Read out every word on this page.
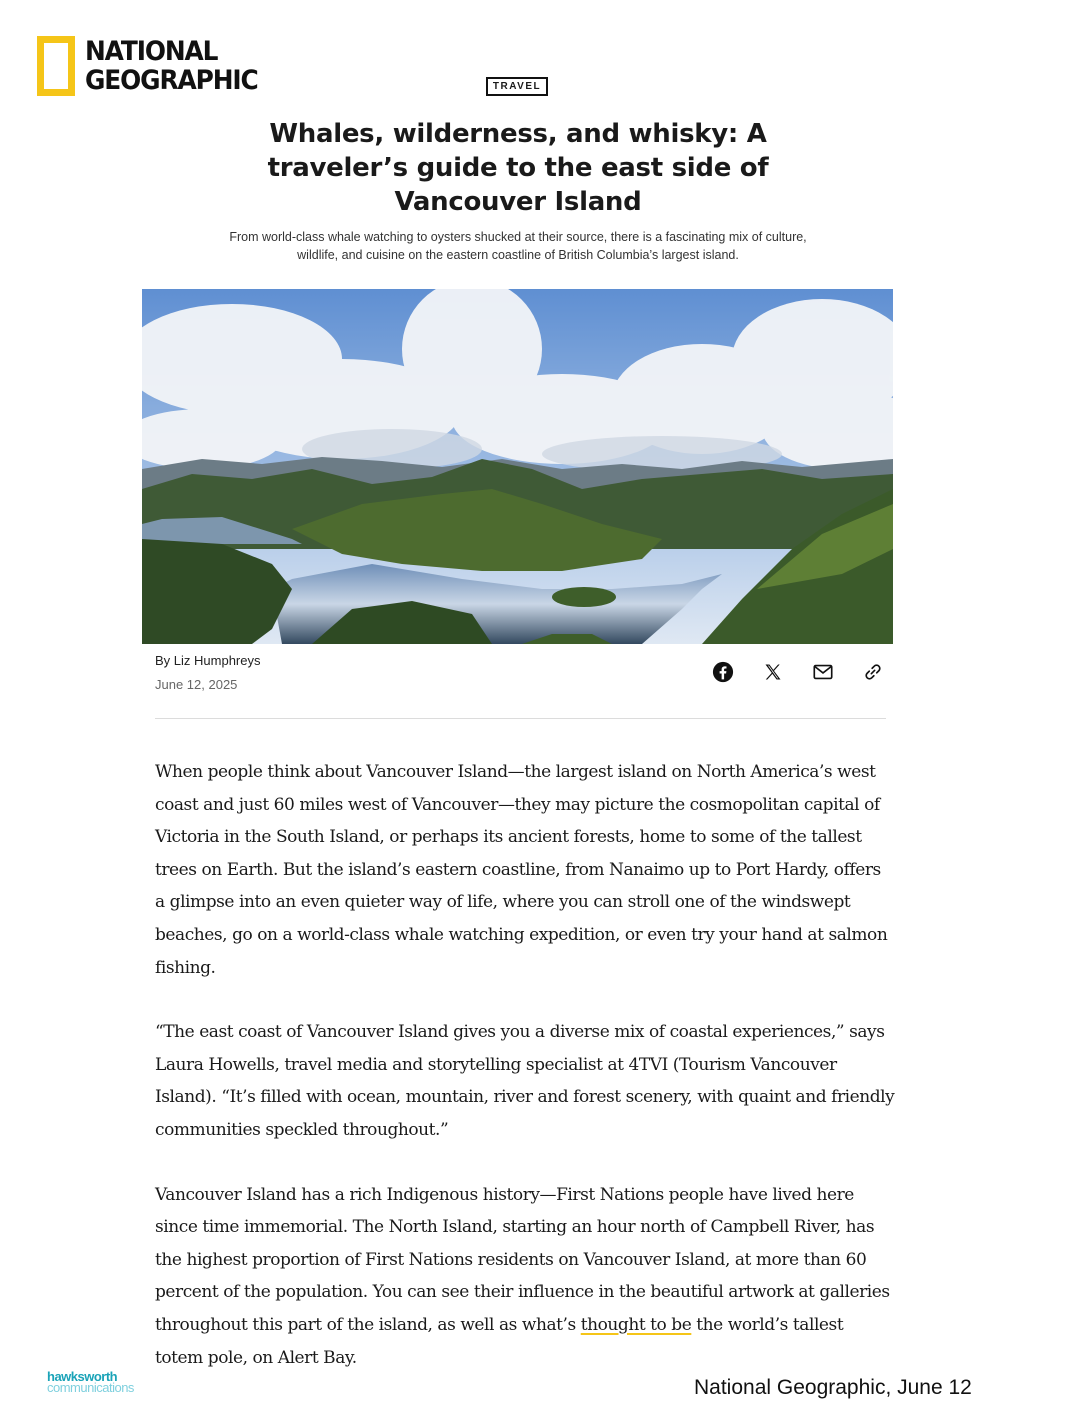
NATIONAL
GEOGRAPHIC	TRAVEL
Whales, wilderness, and whisky: A traveler’s guide to the east side of Vancouver Island

From world-class whale watching to oysters shucked at their source, there is a fascinating mix of culture, wildlife, and cuisine on the eastern coastline of British Columbia’s largest island.

By Liz Humphreys
June 12, 2025

When people think about Vancouver Island—the largest island on North America’s west coast and just 60 miles west of Vancouver—they may picture the cosmopolitan capital of Victoria in the South Island, or perhaps its ancient forests, home to some of the tallest trees on Earth. But the island’s eastern coastline, from Nanaimo up to Port Hardy, offers a glimpse into an even quieter way of life, where you can stroll one of the windswept beaches, go on a world-class whale watching expedition, or even try your hand at salmon fishing.

“The east coast of Vancouver Island gives you a diverse mix of coastal experiences,” says Laura Howells, travel media and storytelling specialist at 4TVI (Tourism Vancouver Island). “It’s filled with ocean, mountain, river and forest scenery, with quaint and friendly communities speckled throughout.”

Vancouver Island has a rich Indigenous history—First Nations people have lived here since time immemorial. The North Island, starting an hour north of Campbell River, has the highest proportion of First Nations residents on Vancouver Island, at more than 60 percent of the population. You can see their influence in the beautiful artwork at galleries throughout this part of the island, as well as what’s thought to be the world’s tallest totem pole, on Alert Bay.

hawksworth
communications	National Geographic, June 12
